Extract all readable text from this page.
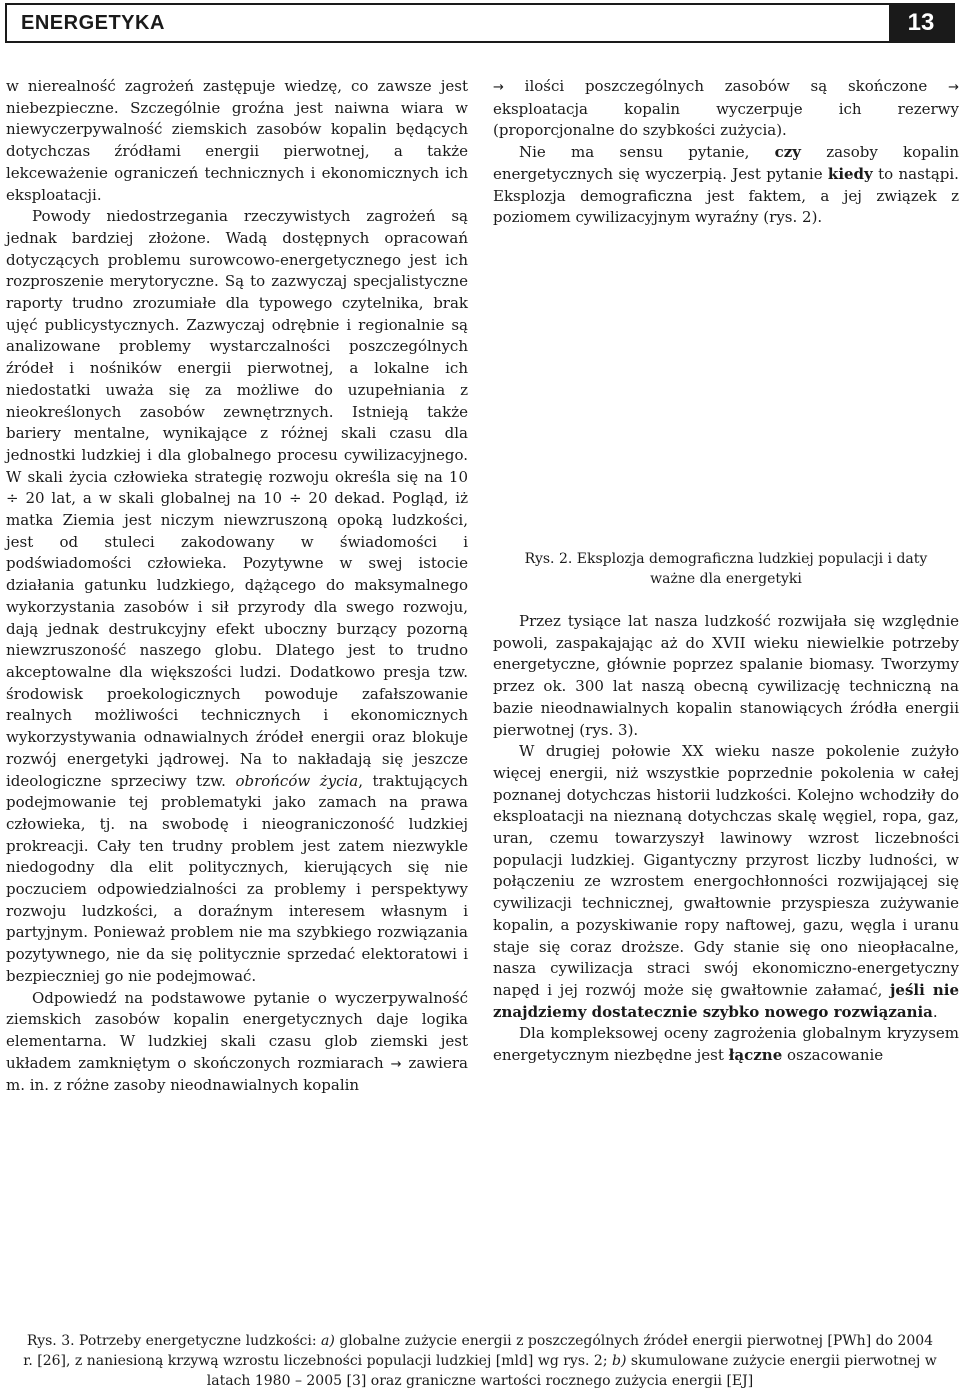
ENERGETYKA	13

w nierealność zagrożeń zastępuje wiedzę, co zawsze jest niebezpieczne. Szczególnie groźna jest naiwna wiara w niewyczerpywalność ziemskich zasobów kopalin będących dotychczas źródłami energii pierwotnej, a także lekceważenie ograniczeń technicznych i ekonomicznych ich eksploatacji.

Powody niedostrzegania rzeczywistych zagrożeń są jednak bardziej złożone. Wadą dostępnych opracowań dotyczących problemu surowcowo-energetycznego jest ich rozproszenie merytoryczne. Są to zazwyczaj specjalistyczne raporty trudno zrozumiałe dla typowego czytelnika, brak ujęć publicystycznych. Zazwyczaj odrębnie i regionalnie są analizowane problemy wystarczalności poszczególnych źródeł i nośników energii pierwotnej, a lokalne ich niedostatki uważa się za możliwe do uzupełniania z nieokreślonych zasobów zewnętrznych. Istnieją także bariery mentalne, wynikające z różnej skali czasu dla jednostki ludzkiej i dla globalnego procesu cywilizacyjnego. W skali życia człowieka strategię rozwoju określa się na 10 ÷ 20 lat, a w skali globalnej na 10 ÷ 20 dekad. Pogląd, iż matka Ziemia jest niczym niewzruszoną opoką ludzkości, jest od stuleci zakodowany w świadomości i podświadomości człowieka. Pozytywne w swej istocie działania gatunku ludzkiego, dążącego do maksymalnego wykorzystania zasobów i sił przyrody dla swego rozwoju, dają jednak destrukcyjny efekt uboczny burzący pozorną niewzruszoność naszego globu. Dlatego jest to trudno akceptowalne dla większości ludzi. Dodatkowo presja tzw. środowisk proekologicznych powoduje zafałszowanie realnych możliwości technicznych i ekonomicznych wykorzystywania odnawialnych źródeł energii oraz blokuje rozwój energetyki jądrowej. Na to nakładają się jeszcze ideologiczne sprzeciwy tzw. obrońców życia, traktujących podejmowanie tej problematyki jako zamach na prawa człowieka, tj. na swobodę i nieograniczoność ludzkiej prokreacji. Cały ten trudny problem jest zatem niezwykle niedogodny dla elit politycznych, kierujących się nie poczuciem odpowiedzialności za problemy i perspektywy rozwoju ludzkości, a doraźnym interesem własnym i partyjnym. Ponieważ problem nie ma szybkiego rozwiązania pozytywnego, nie da się politycznie sprzedać elektoratowi i bezpieczniej go nie podejmować.

Odpowiedź na podstawowe pytanie o wyczerpywalność ziemskich zasobów kopalin energetycznych daje logika elementarna. W ludzkiej skali czasu glob ziemski jest układem zamkniętym o skończonych rozmiarach → zawiera m. in. z różne zasoby nieodnawialnych kopalin

→ ilości poszczególnych zasobów są skończone → eksploatacja kopalin wyczerpuje ich rezerwy (proporcjonalne do szybkości zużycia).

Nie ma sensu pytanie, czy zasoby kopalin energetycznych się wyczerpią. Jest pytanie kiedy to nastąpi. Eksplozja demograficzna jest faktem, a jej związek z poziomem cywilizacyjnym wyraźny (rys. 2).

Rys. 2. Eksplozja demograficzna ludzkiej populacji i daty
ważne dla energetyki

Przez tysiące lat nasza ludzkość rozwijała się względnie powoli, zaspakajając aż do XVII wieku niewielkie potrzeby energetyczne, głównie poprzez spalanie biomasy. Tworzymy przez ok. 300 lat naszą obecną cywilizację techniczną na bazie nieodnawialnych kopalin stanowiących źródła energii pierwotnej (rys. 3).

W drugiej połowie XX wieku nasze pokolenie zużyło więcej energii, niż wszystkie poprzednie pokolenia w całej poznanej dotychczas historii ludzkości. Kolejno wchodziły do eksploatacji na nieznaną dotychczas skalę węgiel, ropa, gaz, uran, czemu towarzyszył lawinowy wzrost liczebności populacji ludzkiej. Gigantyczny przyrost liczby ludności, w połączeniu ze wzrostem energochłonności rozwijającej się cywilizacji technicznej, gwałtownie przyspiesza zużywanie kopalin, a pozyskiwanie ropy naftowej, gazu, węgla i uranu staje się coraz droższe. Gdy stanie się ono nieopłacalne, nasza cywilizacja straci swój ekonomiczno-energetyczny napęd i jej rozwój może się gwałtownie załamać, jeśli nie znajdziemy dostatecznie szybko nowego rozwiązania.

Dla kompleksowej oceny zagrożenia globalnym kryzysem energetycznym niezbędne jest łączne oszacowanie

Rys. 3. Potrzeby energetyczne ludzkości: a) globalne zużycie energii z poszczególnych źródeł energii pierwotnej [PWh] do 2004 r. [26], z naniesioną krzywą wzrostu liczebności populacji ludzkiej [mld] wg rys. 2; b) skumulowane zużycie energii pierwotnej w latach 1980 – 2005 [3] oraz graniczne wartości rocznego zużycia energii [EJ]
